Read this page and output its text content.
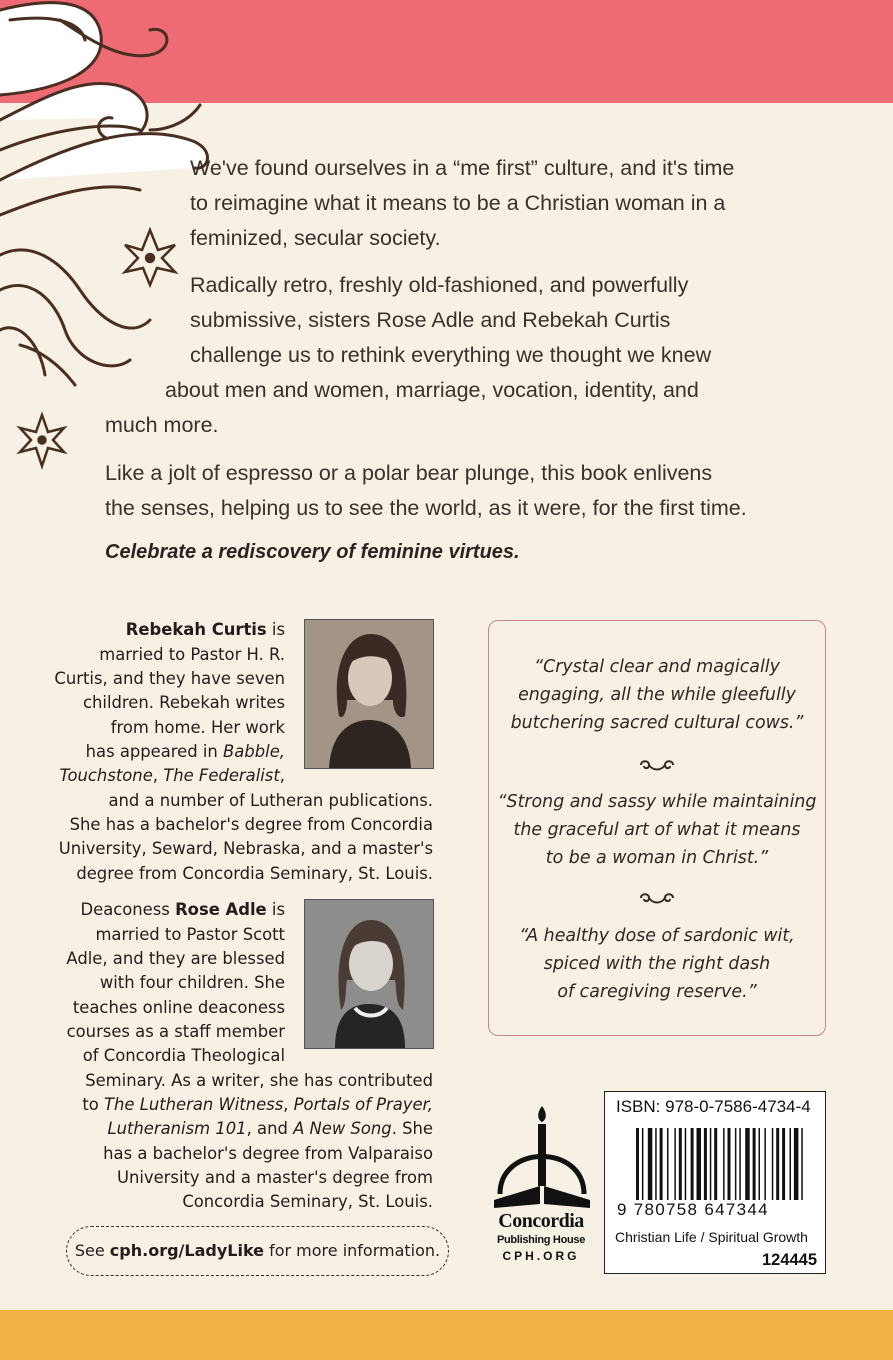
We've found ourselves in a “me first” culture, and it's time

to reimagine what it means to be a Christian woman in a

feminized, secular society.

Radically retro, freshly old-fashioned, and powerfully

submissive, sisters Rose Adle and Rebekah Curtis

challenge us to rethink everything we thought we knew

about men and women, marriage, vocation, identity, and

much more.

Like a jolt of espresso or a polar bear plunge, this book enlivens

the senses, helping us to see the world, as it were, for the first time.

Celebrate a rediscovery of feminine virtues.

Rebekah Curtis is

married to Pastor H. R.

Curtis, and they have seven

children. Rebekah writes

from home. Her work

has appeared in Babble,

Touchstone, The Federalist,

and a number of Lutheran publications.

She has a bachelor's degree from Concordia

University, Seward, Nebraska, and a master's

degree from Concordia Seminary, St. Louis.

Deaconess Rose Adle is

married to Pastor Scott

Adle, and they are blessed

with four children. She

teaches online deaconess

courses as a staff member

of Concordia Theological

Seminary. As a writer, she has contributed

to The Lutheran Witness, Portals of Prayer,

Lutheranism 101, and A New Song. She

has a bachelor's degree from Valparaiso

University and a master's degree from

Concordia Seminary, St. Louis.

“Crystal clear and magically

engaging, all the while gleefully

butchering sacred cultural cows.”

“Strong and sassy while maintaining

the graceful art of what it means

to be a woman in Christ.”

“A healthy dose of sardonic wit,

spiced with the right dash

of caregiving reserve.”

See cph.org/LadyLike for more information.
Concordia
Publishing House
CPH.ORG
ISBN: 978-0-7586-4734-4
9 780758 647344
Christian Life / Spiritual Growth
124445
